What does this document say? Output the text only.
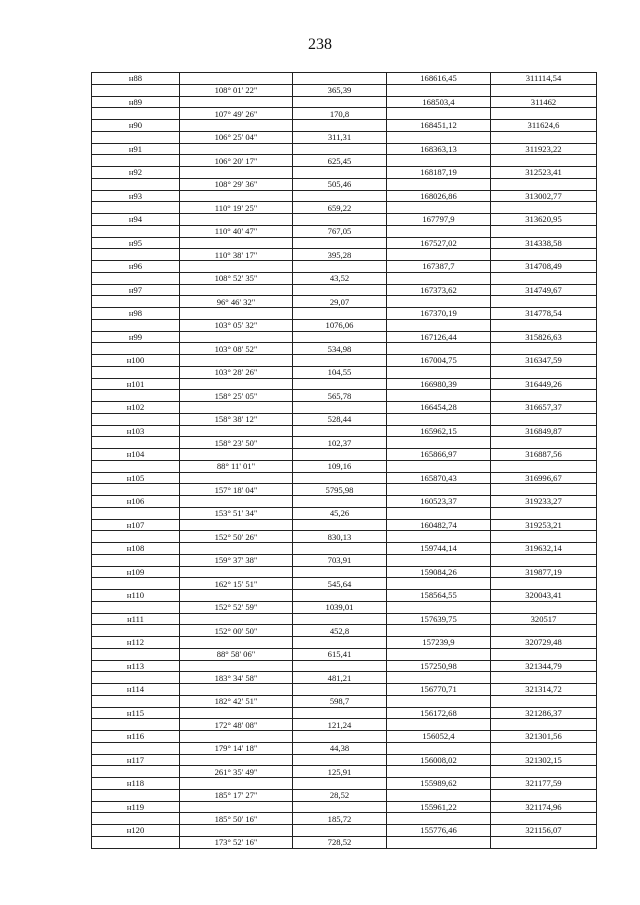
238
н88			168616,45	311114,54
	108° 01' 22"	365,39		
н89			168503,4	311462
	107° 49' 26"	170,8		
н90			168451,12	311624,6
	106° 25' 04"	311,31		
н91			168363,13	311923,22
	106° 20' 17"	625,45		
н92			168187,19	312523,41
	108° 29' 36"	505,46		
н93			168026,86	313002,77
	110° 19' 25"	659,22		
н94			167797,9	313620,95
	110° 40' 47"	767,05		
н95			167527,02	314338,58
	110° 38' 17"	395,28		
н96			167387,7	314708,49
	108° 52' 35"	43,52		
н97			167373,62	314749,67
	96° 46' 32"	29,07		
н98			167370,19	314778,54
	103° 05' 32"	1076,06		
н99			167126,44	315826,63
	103° 08' 52"	534,98		
н100			167004,75	316347,59
	103° 28' 26"	104,55		
н101			166980,39	316449,26
	158° 25' 05"	565,78		
н102			166454,28	316657,37
	158° 38' 12"	528,44		
н103			165962,15	316849,87
	158° 23' 50"	102,37		
н104			165866,97	316887,56
	88° 11' 01"	109,16		
н105			165870,43	316996,67
	157° 18' 04"	5795,98		
н106			160523,37	319233,27
	153° 51' 34"	45,26		
н107			160482,74	319253,21
	152° 50' 26"	830,13		
н108			159744,14	319632,14
	159° 37' 38"	703,91		
н109			159084,26	319877,19
	162° 15' 51"	545,64		
н110			158564,55	320043,41
	152° 52' 59"	1039,01		
н111			157639,75	320517
	152° 00' 50"	452,8		
н112			157239,9	320729,48
	88° 58' 06"	615,41		
н113			157250,98	321344,79
	183° 34' 58"	481,21		
н114			156770,71	321314,72
	182° 42' 51"	598,7		
н115			156172,68	321286,37
	172° 48' 08"	121,24		
н116			156052,4	321301,56
	179° 14' 18"	44,38		
н117			156008,02	321302,15
	261° 35' 49"	125,91		
н118			155989,62	321177,59
	185° 17' 27"	28,52		
н119			155961,22	321174,96
	185° 50' 16"	185,72		
н120			155776,46	321156,07
	173° 52' 16"	728,52		
